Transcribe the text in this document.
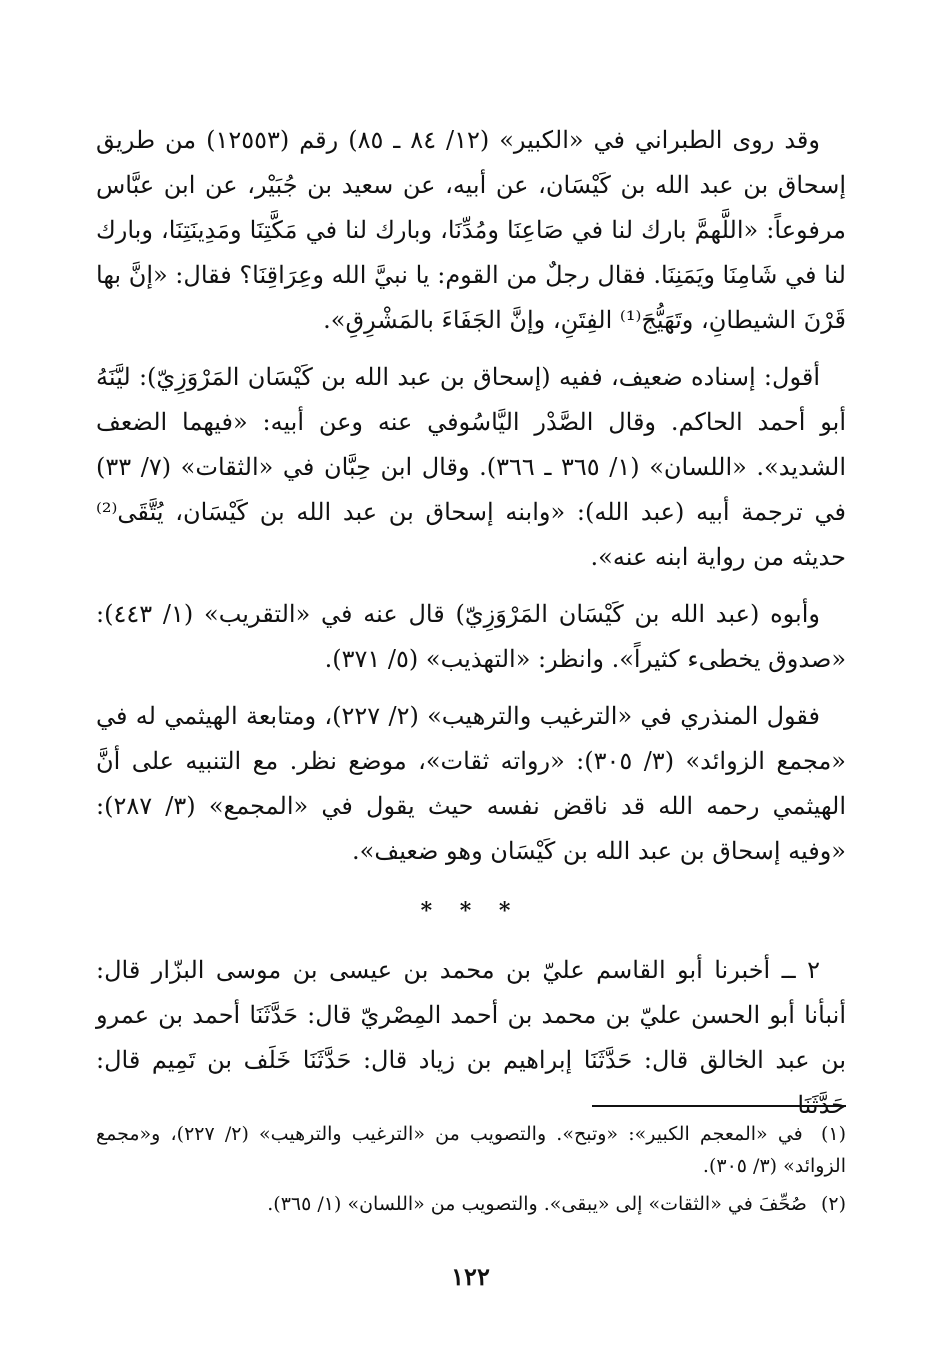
وقد روى الطبراني في «الكبير» (١٢/ ٨٤ ـ ٨٥) رقم (١٢٥٥٣) من طريق إسحاق بن عبد الله بن كَيْسَان، عن أبيه، عن سعيد بن جُبَيْر، عن ابن عبَّاس مرفوعاً: «اللَّهمَّ بارك لنا في صَاعِنَا ومُدِّنَا، وبارك لنا في مَكَّتِنَا ومَدِينَتِنَا، وبارك لنا في شَامِنَا ويَمَنِنَا. فقال رجلٌ من القوم: يا نبيَّ الله وعِرَاقِنَا؟ فقال: «إنَّ بها قَرْنَ الشيطانِ، وتَهَيُّجَ⁽¹⁾ الفِتَنِ، وإنَّ الجَفَاءَ بالمَشْرِقِ».

أقول: إسناده ضعيف، ففيه (إسحاق بن عبد الله بن كَيْسَان المَرْوَزِيّ): ليَّنَهُ أبو أحمد الحاكم. وقال الصَّدْر اليَّاسُوفي عنه وعن أبيه: «فيهما الضعف الشديد». «اللسان» (١/ ٣٦٥ ـ ٣٦٦). وقال ابن حِبَّان في «الثقات» (٧/ ٣٣) في ترجمة أبيه (عبد الله): «وابنه إسحاق بن عبد الله بن كَيْسَان، يُتَّقَى⁽²⁾ حديثه من رواية ابنه عنه».

وأبوه (عبد الله بن كَيْسَان المَرْوَزِيّ) قال عنه في «التقريب» (١/ ٤٤٣): «صدوق يخطىء كثيراً». وانظر: «التهذيب» (٥/ ٣٧١).

فقول المنذري في «الترغيب والترهيب» (٢/ ٢٢٧)، ومتابعة الهيثمي له في «مجمع الزوائد» (٣/ ٣٠٥): «رواته ثقات»، موضع نظر. مع التنبيه على أنَّ الهيثمي رحمه الله قد ناقض نفسه حيث يقول في «المجمع» (٣/ ٢٨٧): «وفيه إسحاق بن عبد الله بن كَيْسَان وهو ضعيف».

* * *

٢ ــ أخبرنا أبو القاسم عليّ بن محمد بن عيسى بن موسى البزّار قال: أنبأنا أبو الحسن عليّ بن محمد بن أحمد المِصْريّ قال: حَدَّثَنَا أحمد بن عمرو بن عبد الخالق قال: حَدَّثَنَا إبراهيم بن زياد قال: حَدَّثَنَا خَلَف بن تَمِيم قال: حَدَّثَنَا

(١) في «المعجم الكبير»: «وتبح». والتصويب من «الترغيب والترهيب» (٢/ ٢٢٧)، و«مجمع الزوائد» (٣/ ٣٠٥).

(٢) صُحِّفَ في «الثقات» إلى «يبقى». والتصويب من «اللسان» (١/ ٣٦٥).

١٢٢
